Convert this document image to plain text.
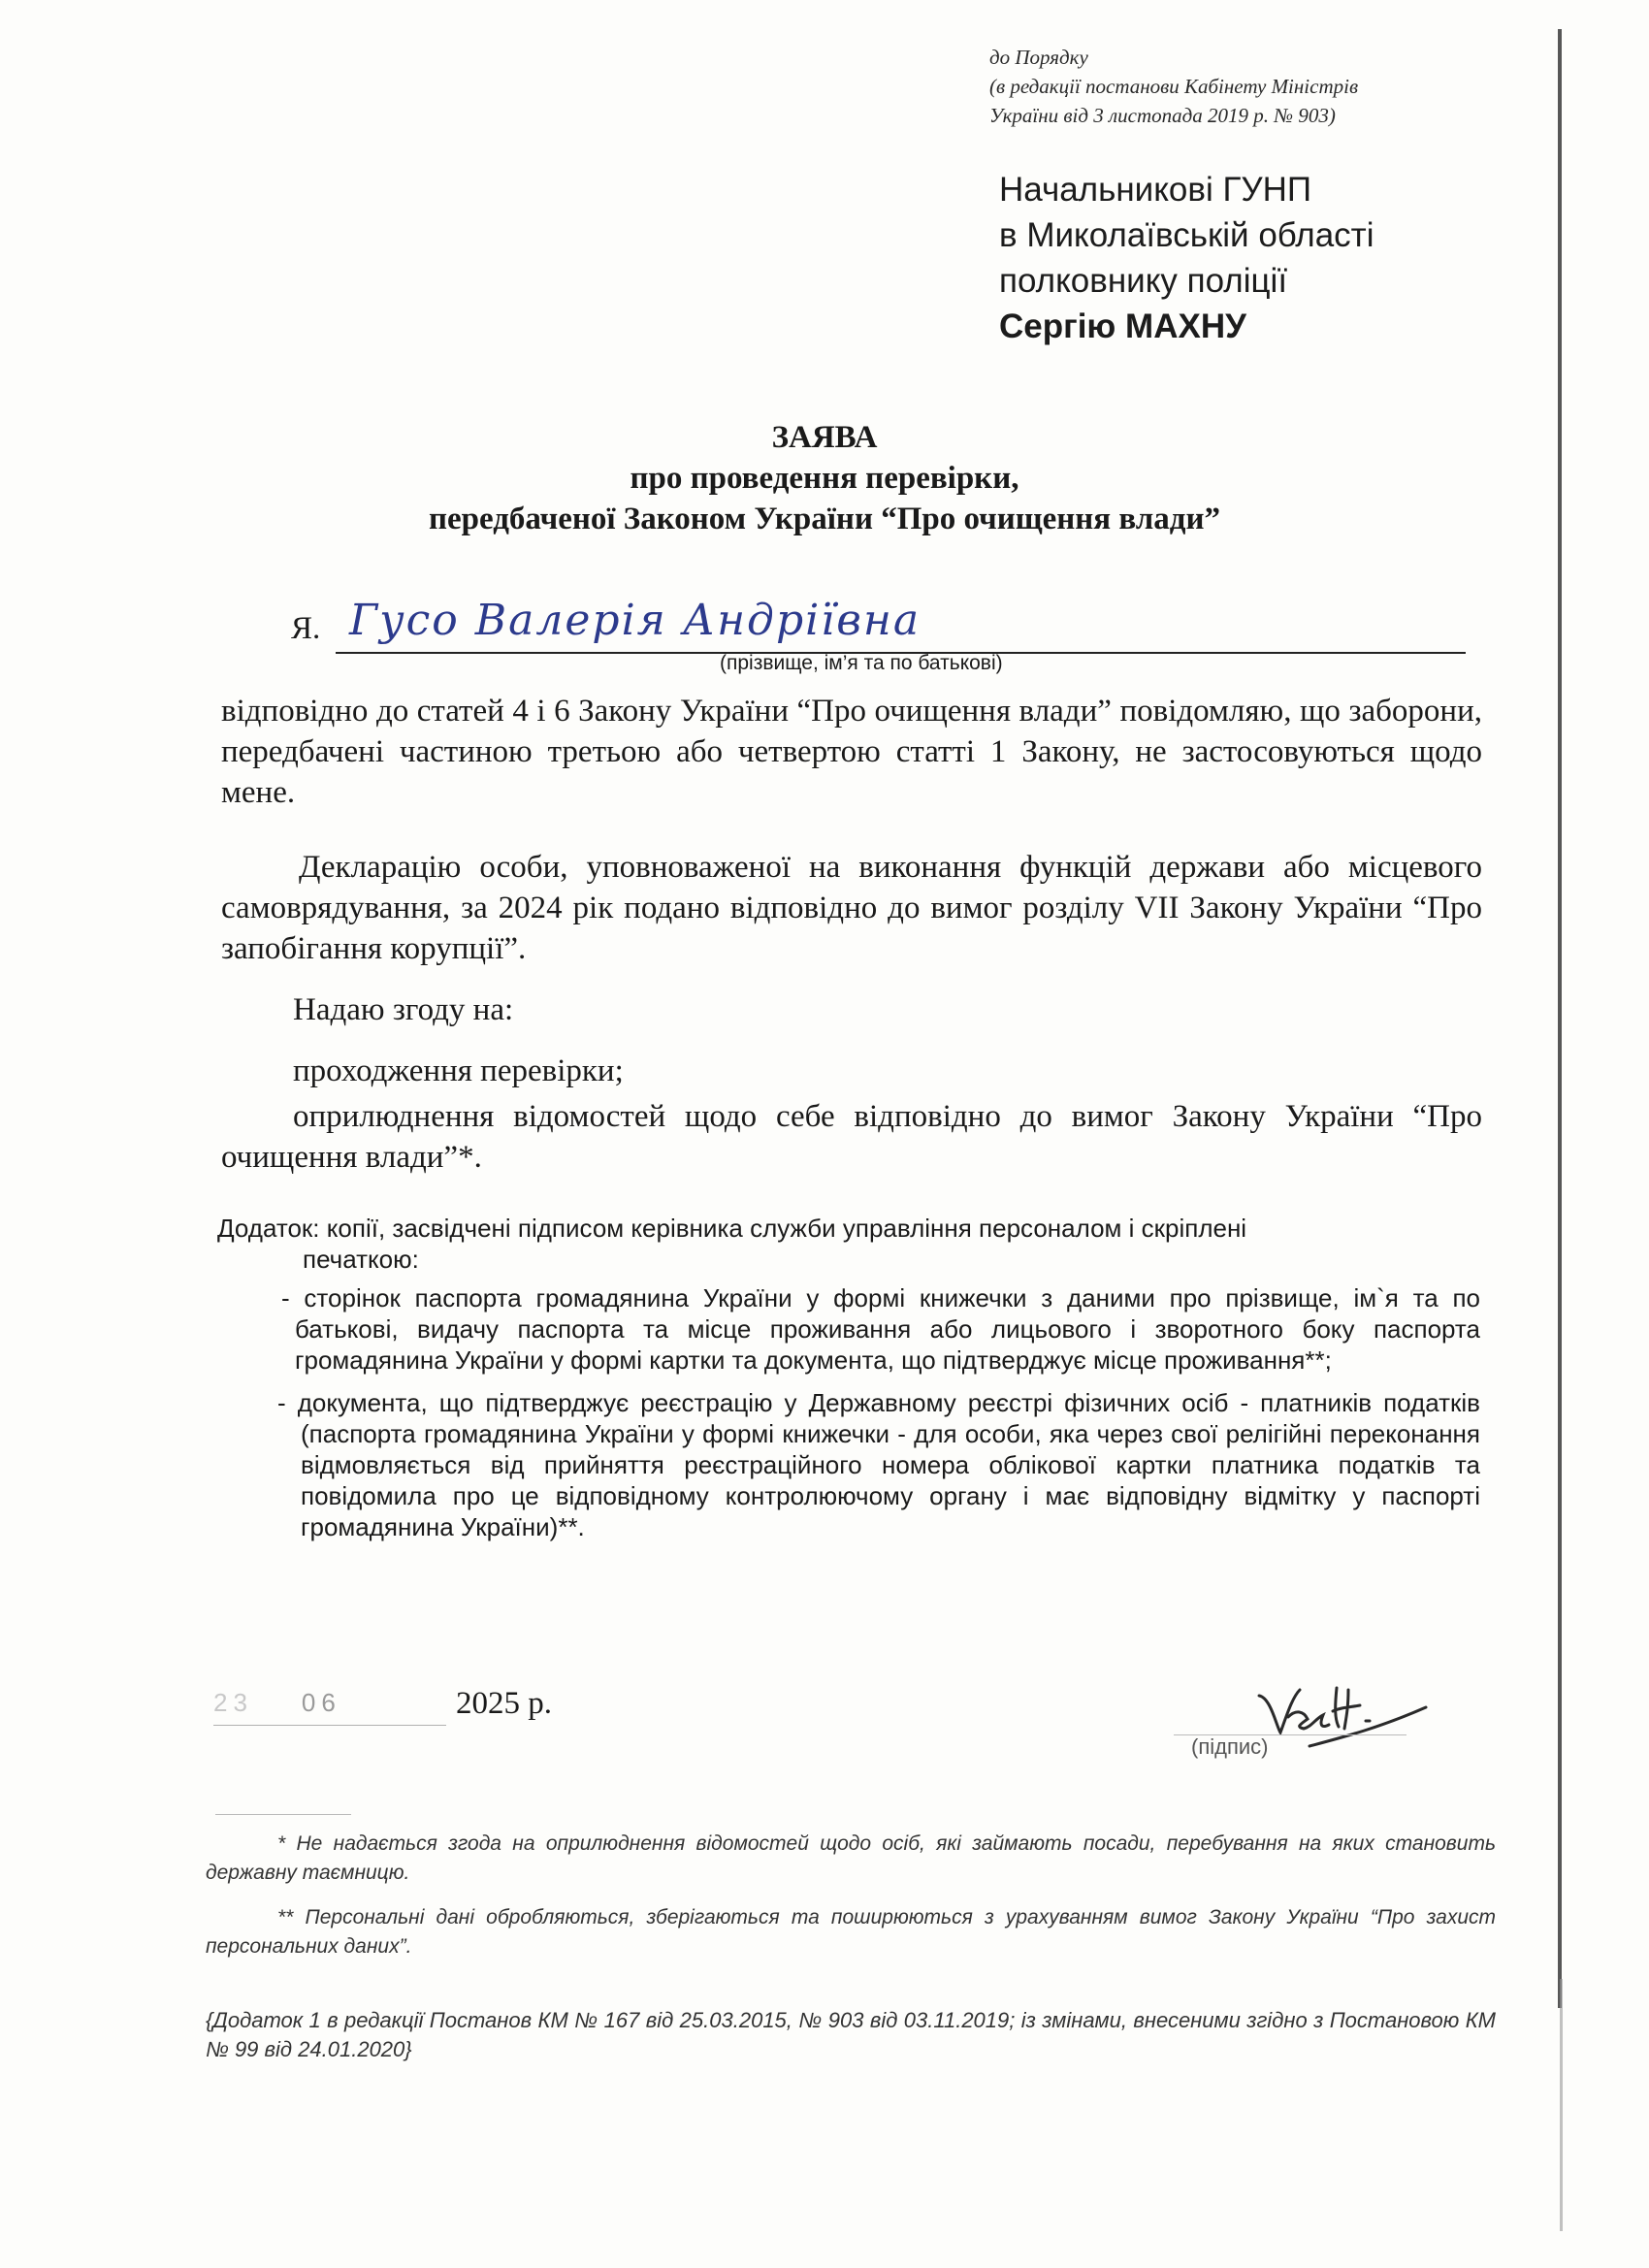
до Порядку
(в редакції постанови Кабінету Міністрів
України від 3 листопада 2019 р. № 903)
Начальникові ГУНП
в Миколаївській області
полковнику поліції
Сергію МАХНУ
ЗАЯВА
про проведення перевірки,
передбаченої Законом України “Про очищення влади”
Я. Гусо Валерія Андріївна
(прізвище, ім’я та по батькові)
відповідно до статей 4 і 6 Закону України “Про очищення влади” повідомляю, що заборони, передбачені частиною третьою або четвертою статті 1 Закону, не застосовуються щодо мене.
Декларацію особи, уповноваженої на виконання функцій держави або місцевого самоврядування, за 2024 рік подано відповідно до вимог розділу VII Закону України “Про запобігання корупції”.
Надаю згоду на:
проходження перевірки;
оприлюднення відомостей щодо себе відповідно до вимог Закону України “Про очищення влади”*.
Додаток: копії, засвідчені підписом керівника служби управління персоналом і скріплені
печаткою:
- сторінок паспорта громадянина України у формі книжечки з даними про прізвище, ім`я та по батькові, видачу паспорта та місце проживання або лицьового і зворотного боку паспорта громадянина України у формі картки та документа, що підтверджує місце проживання**;
- документа, що підтверджує реєстрацію у Державному реєстрі фізичних осіб - платників податків (паспорта громадянина України у формі книжечки - для особи, яка через свої релігійні переконання відмовляється від прийняття реєстраційного номера облікової картки платника податків та повідомила про це відповідному контролюючому органу і має відповідну відмітку у паспорті громадянина України)**.
23 06	2025 р.
(підпис)
* Не надається згода на оприлюднення відомостей щодо осіб, які займають посади, перебування на яких становить державну таємницю.
** Персональні дані обробляються, зберігаються та поширюються з урахуванням вимог Закону України “Про захист персональних даних”.
{Додаток 1 в редакції Постанов КМ № 167 від 25.03.2015, № 903 від 03.11.2019; із змінами, внесеними згідно з Постановою КМ № 99 від 24.01.2020}
